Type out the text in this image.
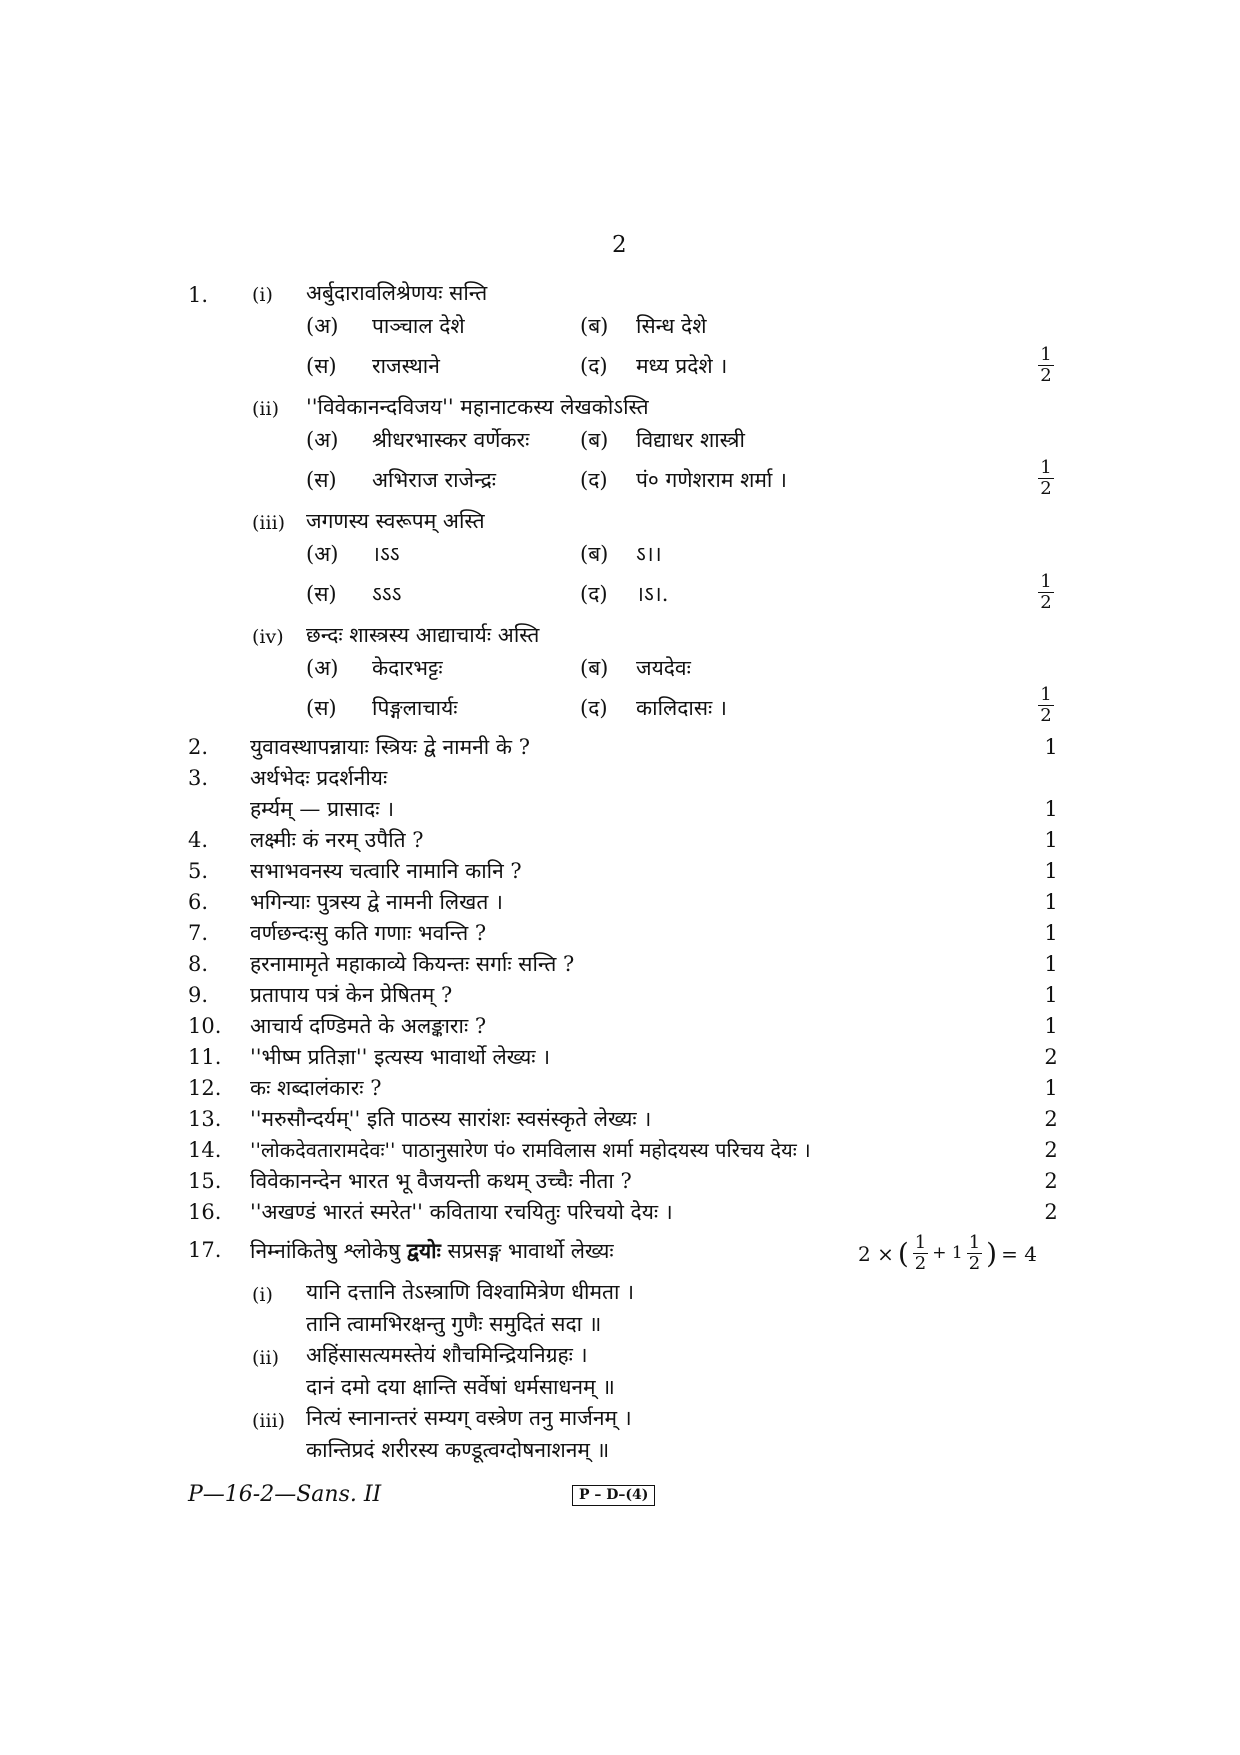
2
1. (i) अर्बुदारावलिश्रेणयः सन्ति
(अ) पाञ्चाल देशे	(ब) सिन्ध देशे
(स) राजस्थाने	(द) मध्य प्रदेशे ।	$\frac{1}{2}$
(ii) ''विवेकानन्दविजय'' महानाटकस्य लेखकोऽस्ति
(अ) श्रीधरभास्कर वर्णेकरः (ब) विद्याधर शास्त्री
(स) अभिराज राजेन्द्रः	(द) पं० गणेशराम शर्मा ।	$\frac{1}{2}$
(iii) जगणस्य स्वरूपम् अस्ति
(अ) ।ऽऽ	(ब) ऽ।।
(स) ऽऽऽ	(द) ।ऽ।.	$\frac{1}{2}$
(iv) छन्दः शास्त्रस्य आद्याचार्यः अस्ति
(अ) केदारभट्टः	(ब) जयदेवः
(स) पिङ्गलाचार्यः	(द) कालिदासः ।	$\frac{1}{2}$
2. युवावस्थापन्नायाः स्त्रियः द्वे नामनी के ?	1
3. अर्थभेदः प्रदर्शनीयः
हर्म्यम् — प्रासादः ।	1
4. लक्ष्मीः कं नरम् उपैति ?	1
5. सभाभवनस्य चत्वारि नामानि कानि ?	1
6. भगिन्याः पुत्रस्य द्वे नामनी लिखत ।	1
7. वर्णछन्दःसु कति गणाः भवन्ति ?	1
8. हरनामामृते महाकाव्ये कियन्तः सर्गाः सन्ति ?	1
9. प्रतापाय पत्रं केन प्रेषितम् ?	1
10. आचार्य दण्डिमते के अलङ्काराः ?	1
11. ''भीष्म प्रतिज्ञा'' इत्यस्य भावार्थो लेख्यः ।	2
12. कः शब्दालंकारः ?	1
13. ''मरुसौन्दर्यम्'' इति पाठस्य सारांशः स्वसंस्कृते लेख्यः ।	2
14. ''लोकदेवतारामदेवः'' पाठानुसारेण पं० रामविलास शर्मा महोदयस्य परिचय देयः ।	2
15. विवेकानन्देन भारत भू वैजयन्ती कथम् उच्चैः नीता ?	2
16. ''अखण्डं भारतं स्मरेत'' कविताया रचयितुः परिचयो देयः ।	2
17. निम्नांकितेषु श्लोकेषु द्वयोः सप्रसङ्ग भावार्थो लेख्यः	2 × ( $\frac{1}{2} + 1 \frac{1}{2}$ ) = 4
(i) यानि दत्तानि तेऽस्त्राणि विश्वामित्रेण धीमता ।
तानि त्वामभिरक्षन्तु गुणैः समुदितं सदा ॥
(ii) अहिंसासत्यमस्तेयं शौचमिन्द्रियनिग्रहः ।
दानं दमो दया क्षान्ति सर्वेषां धर्मसाधनम् ॥
(iii) नित्यं स्नानान्तरं सम्यग् वस्त्रेण तनु मार्जनम् ।
कान्तिप्रदं शरीरस्य कण्डूत्वग्दोषनाशनम् ॥
P—16-2—Sans. II	P – D–(4)
